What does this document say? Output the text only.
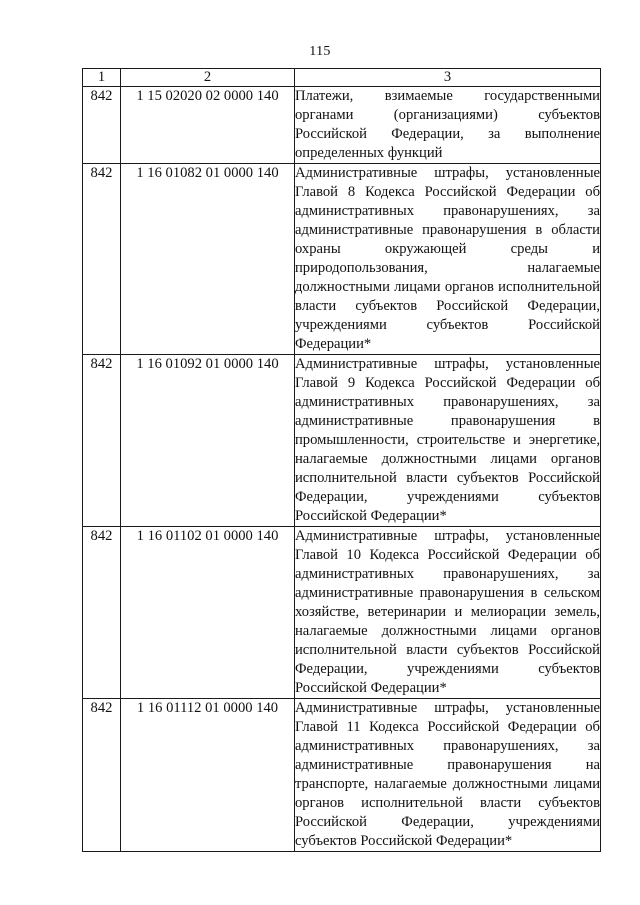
115
1	2	3
842	1 15 02020 02 0000 140	Платежи, взимаемые государственными органами (организациями) субъектов Российской Федерации, за выполнение определенных функций
842	1 16 01082 01 0000 140	Административные штрафы, установленные Главой 8 Кодекса Российской Федерации об административных правонарушениях, за административные правонарушения в области охраны окружающей среды и природопользования, налагаемые должностными лицами органов исполнительной власти субъектов Российской Федерации, учреждениями субъектов Российской Федерации*
842	1 16 01092 01 0000 140	Административные штрафы, установленные Главой 9 Кодекса Российской Федерации об административных правонарушениях, за административные правонарушения в промышленности, строительстве и энергетике, налагаемые должностными лицами органов исполнительной власти субъектов Российской Федерации, учреждениями субъектов Российской Федерации*
842	1 16 01102 01 0000 140	Административные штрафы, установленные Главой 10 Кодекса Российской Федерации об административных правонарушениях, за административные правонарушения в сельском хозяйстве, ветеринарии и мелиорации земель, налагаемые должностными лицами органов исполнительной власти субъектов Российской Федерации, учреждениями субъектов Российской Федерации*
842	1 16 01112 01 0000 140	Административные штрафы, установленные Главой 11 Кодекса Российской Федерации об административных правонарушениях, за административные правонарушения на транспорте, налагаемые должностными лицами органов исполнительной власти субъектов Российской Федерации, учреждениями субъектов Российской Федерации*
